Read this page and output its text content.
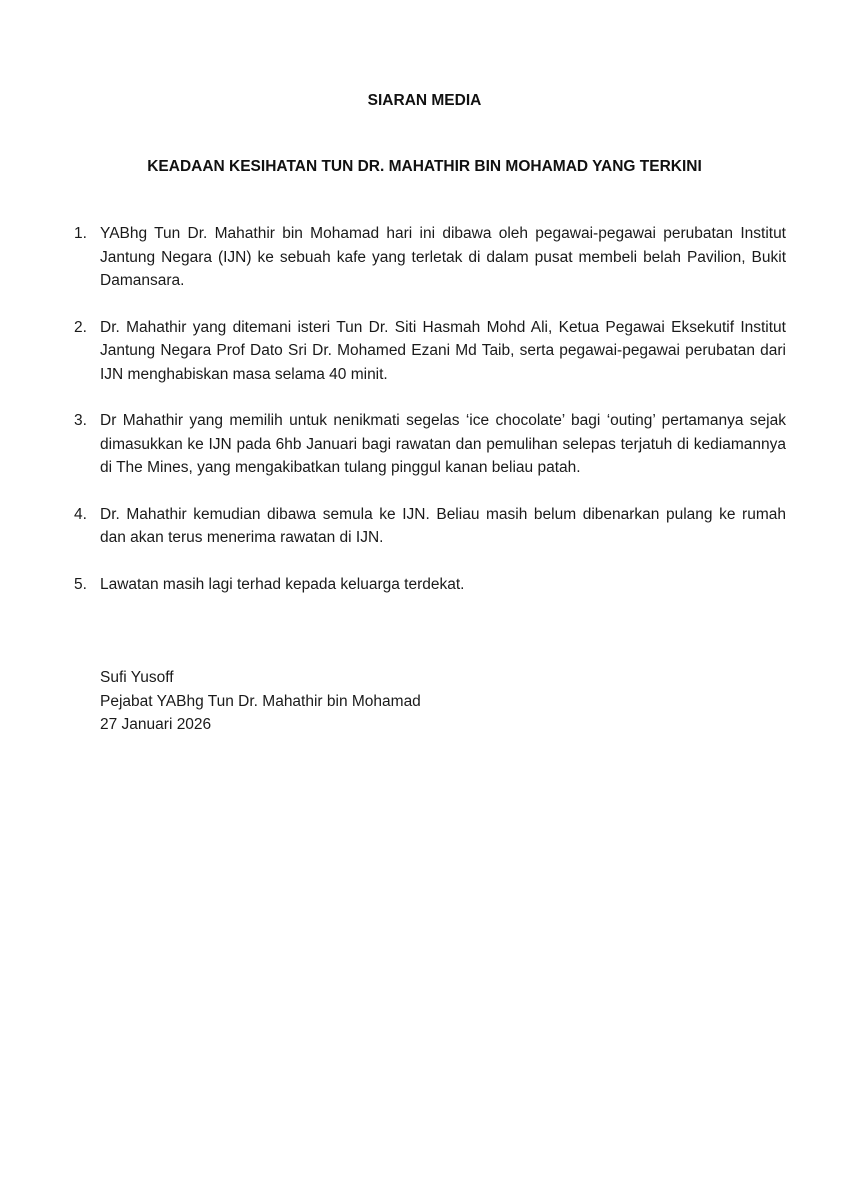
SIARAN MEDIA
KEADAAN KESIHATAN TUN DR. MAHATHIR BIN MOHAMAD YANG TERKINI
1. YABhg Tun Dr. Mahathir bin Mohamad hari ini dibawa oleh pegawai-pegawai perubatan Institut Jantung Negara (IJN) ke sebuah kafe yang terletak di dalam pusat membeli belah Pavilion, Bukit Damansara.
2. Dr. Mahathir yang ditemani isteri Tun Dr. Siti Hasmah Mohd Ali, Ketua Pegawai Eksekutif Institut Jantung Negara Prof Dato Sri Dr. Mohamed Ezani Md Taib, serta pegawai-pegawai perubatan dari IJN menghabiskan masa selama 40 minit.
3. Dr Mahathir yang memilih untuk nenikmati segelas ‘ice chocolate’ bagi ‘outing’ pertamanya sejak dimasukkan ke IJN pada 6hb Januari bagi rawatan dan pemulihan selepas terjatuh di kediamannya di The Mines, yang mengakibatkan tulang pinggul kanan beliau patah.
4. Dr. Mahathir kemudian dibawa semula ke IJN. Beliau masih belum dibenarkan pulang ke rumah dan akan terus menerima rawatan di IJN.
5. Lawatan masih lagi terhad kepada keluarga terdekat.
Sufi Yusoff
Pejabat YABhg Tun Dr. Mahathir bin Mohamad
27 Januari 2026
